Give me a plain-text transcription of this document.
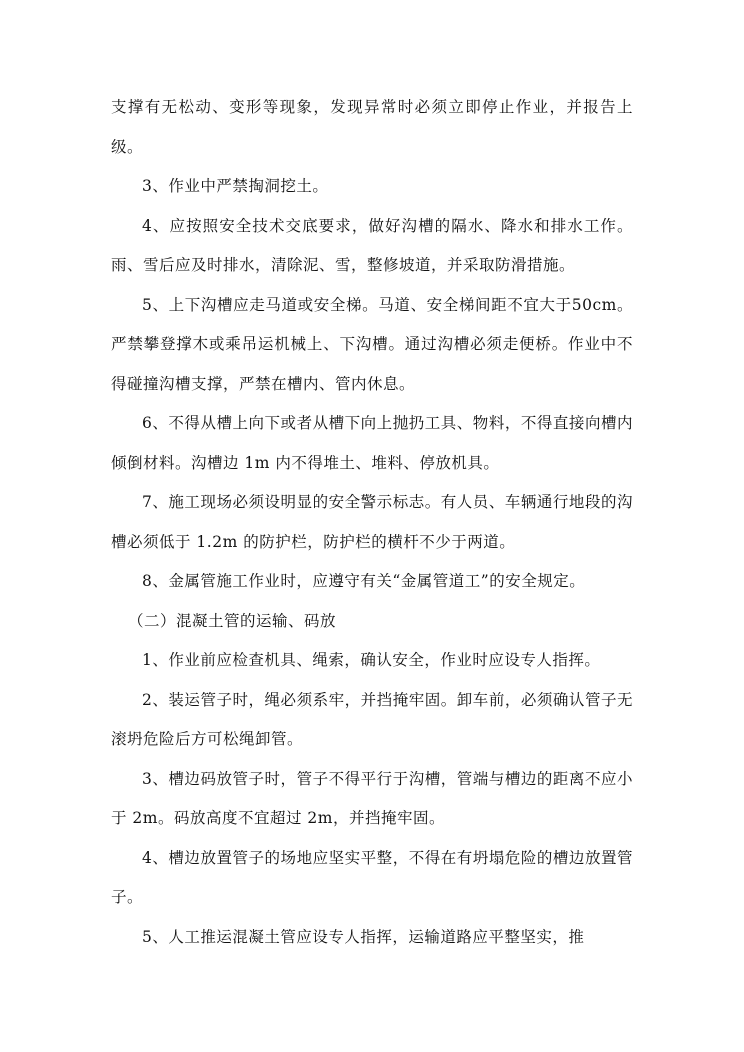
支撑有无松动、变形等现象，发现异常时必须立即停止作业，并报告上级。

3、作业中严禁掏洞挖土。

4、应按照安全技术交底要求，做好沟槽的隔水、降水和排水工作。雨、雪后应及时排水，清除泥、雪，整修坡道，并采取防滑措施。

5、上下沟槽应走马道或安全梯。马道、安全梯间距不宜大于50cm。严禁攀登撑木或乘吊运机械上、下沟槽。通过沟槽必须走便桥。作业中不得碰撞沟槽支撑，严禁在槽内、管内休息。

6、不得从槽上向下或者从槽下向上抛扔工具、物料，不得直接向槽内倾倒材料。沟槽边 1m 内不得堆土、堆料、停放机具。

7、施工现场必须设明显的安全警示标志。有人员、车辆通行地段的沟槽必须低于 1.2m 的防护栏，防护栏的横杆不少于两道。

8、金属管施工作业时，应遵守有关“金属管道工”的安全规定。

（二）混凝土管的运输、码放

1、作业前应检查机具、绳索，确认安全，作业时应设专人指挥。

2、装运管子时，绳必须系牢，并挡掩牢固。卸车前，必须确认管子无滚坍危险后方可松绳卸管。

3、槽边码放管子时，管子不得平行于沟槽，管端与槽边的距离不应小于 2m。码放高度不宜超过 2m，并挡掩牢固。

4、槽边放置管子的场地应坚实平整，不得在有坍塌危险的槽边放置管子。

5、人工推运混凝土管应设专人指挥，运输道路应平整坚实，推
